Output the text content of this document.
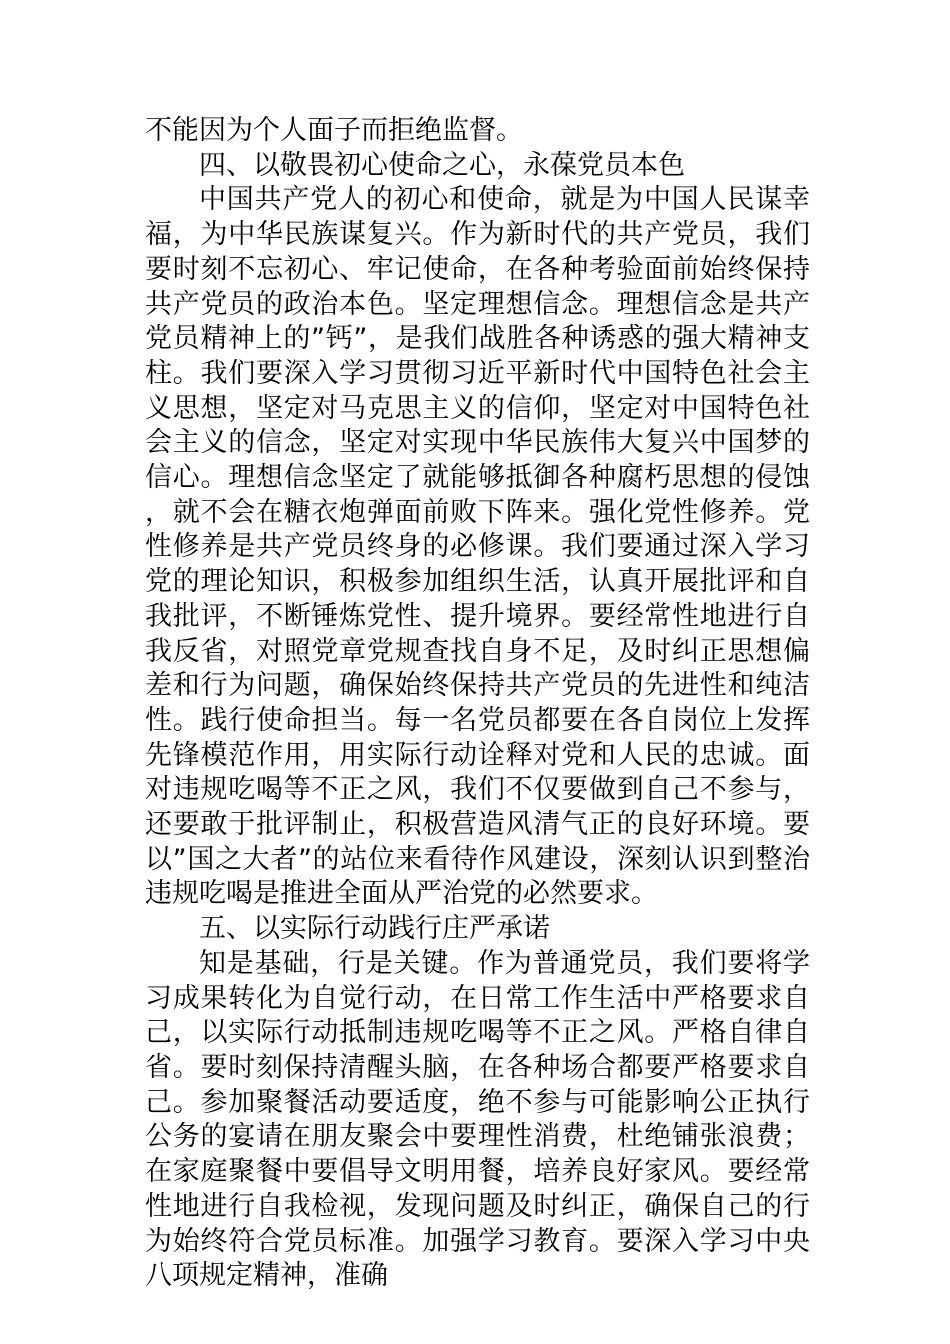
不能因为个人面子而拒绝监督。

四、以敬畏初心使命之心，永葆党员本色

中国共产党人的初心和使命，就是为中国人民谋幸福，为中华民族谋复兴。作为新时代的共产党员，我们要时刻不忘初心、牢记使命，在各种考验面前始终保持共产党员的政治本色。坚定理想信念。理想信念是共产党员精神上的”钙”，是我们战胜各种诱惑的强大精神支柱。我们要深入学习贯彻习近平新时代中国特色社会主义思想，坚定对马克思主义的信仰，坚定对中国特色社会主义的信念，坚定对实现中华民族伟大复兴中国梦的信心。理想信念坚定了就能够抵御各种腐朽思想的侵蚀，就不会在糖衣炮弹面前败下阵来。强化党性修养。党性修养是共产党员终身的必修课。我们要通过深入学习党的理论知识，积极参加组织生活，认真开展批评和自我批评，不断锤炼党性、提升境界。要经常性地进行自我反省，对照党章党规查找自身不足，及时纠正思想偏差和行为问题，确保始终保持共产党员的先进性和纯洁性。践行使命担当。每一名党员都要在各自岗位上发挥先锋模范作用，用实际行动诠释对党和人民的忠诚。面对违规吃喝等不正之风，我们不仅要做到自己不参与，还要敢于批评制止，积极营造风清气正的良好环境。要以”国之大者”的站位来看待作风建设，深刻认识到整治违规吃喝是推进全面从严治党的必然要求。

五、以实际行动践行庄严承诺

知是基础，行是关键。作为普通党员，我们要将学习成果转化为自觉行动，在日常工作生活中严格要求自己，以实际行动抵制违规吃喝等不正之风。严格自律自省。要时刻保持清醒头脑，在各种场合都要严格要求自己。参加聚餐活动要适度，绝不参与可能影响公正执行公务的宴请在朋友聚会中要理性消费，杜绝铺张浪费；在家庭聚餐中要倡导文明用餐，培养良好家风。要经常性地进行自我检视，发现问题及时纠正，确保自己的行为始终符合党员标准。加强学习教育。要深入学习中央八项规定精神，准确
